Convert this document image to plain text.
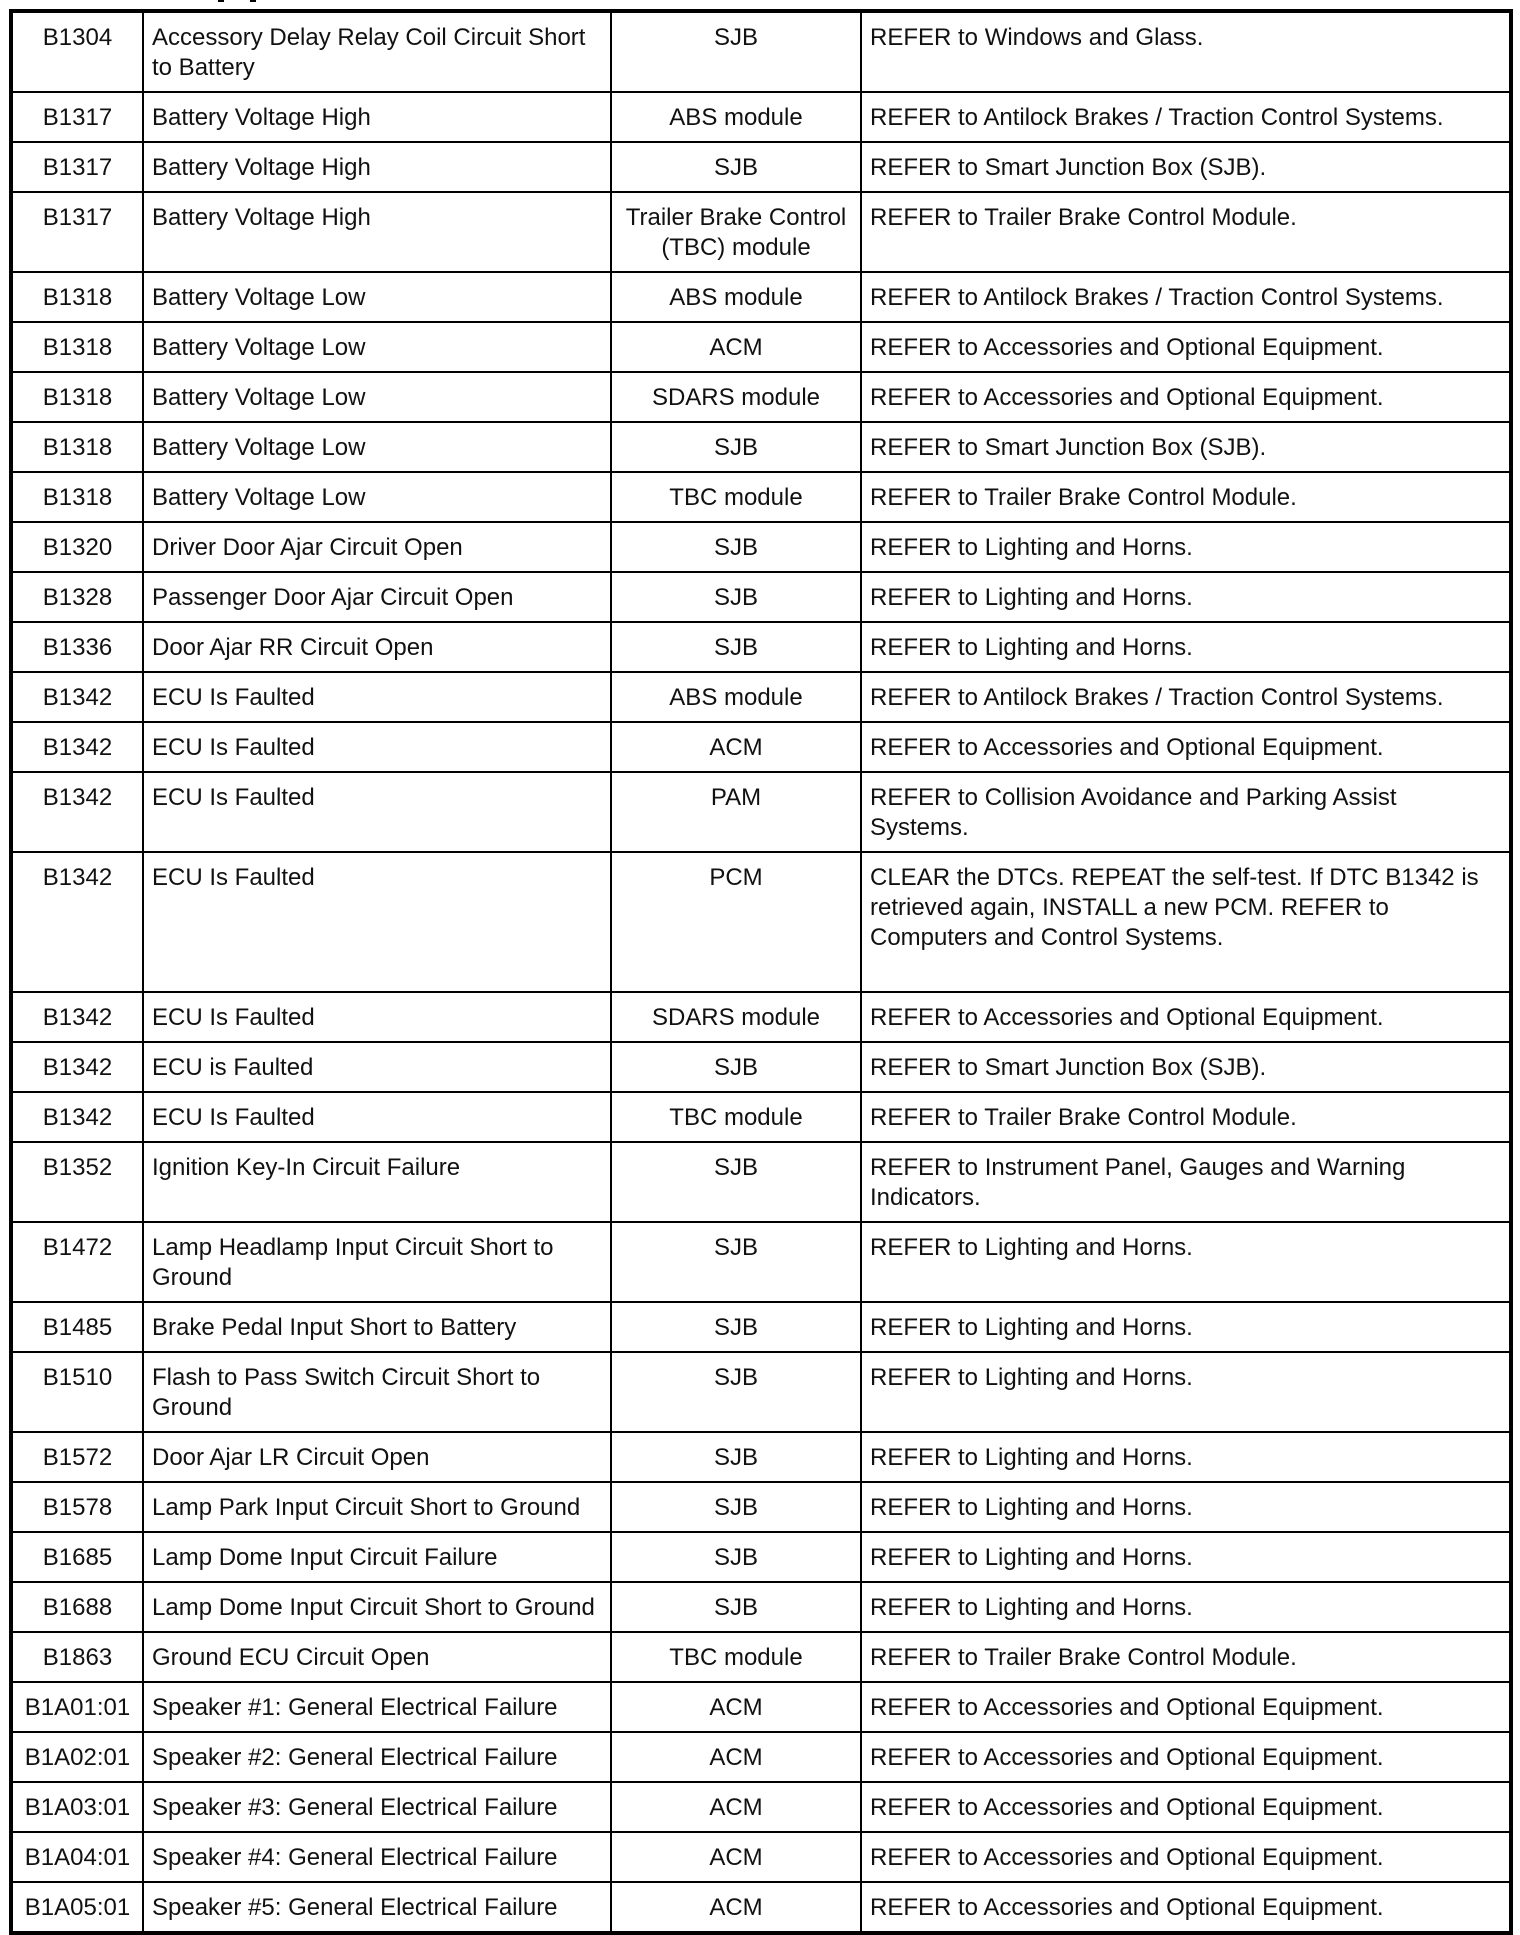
B1304	Accessory Delay Relay Coil Circuit Short to Battery	SJB	REFER to Windows and Glass.
B1317	Battery Voltage High	ABS module	REFER to Antilock Brakes / Traction Control Systems.
B1317	Battery Voltage High	SJB	REFER to Smart Junction Box (SJB).
B1317	Battery Voltage High	Trailer Brake Control (TBC) module	REFER to Trailer Brake Control Module.
B1318	Battery Voltage Low	ABS module	REFER to Antilock Brakes / Traction Control Systems.
B1318	Battery Voltage Low	ACM	REFER to Accessories and Optional Equipment.
B1318	Battery Voltage Low	SDARS module	REFER to Accessories and Optional Equipment.
B1318	Battery Voltage Low	SJB	REFER to Smart Junction Box (SJB).
B1318	Battery Voltage Low	TBC module	REFER to Trailer Brake Control Module.
B1320	Driver Door Ajar Circuit Open	SJB	REFER to Lighting and Horns.
B1328	Passenger Door Ajar Circuit Open	SJB	REFER to Lighting and Horns.
B1336	Door Ajar RR Circuit Open	SJB	REFER to Lighting and Horns.
B1342	ECU Is Faulted	ABS module	REFER to Antilock Brakes / Traction Control Systems.
B1342	ECU Is Faulted	ACM	REFER to Accessories and Optional Equipment.
B1342	ECU Is Faulted	PAM	REFER to Collision Avoidance and Parking Assist Systems.
B1342	ECU Is Faulted	PCM	CLEAR the DTCs. REPEAT the self-test. If DTC B1342 is retrieved again, INSTALL a new PCM. REFER to Computers and Control Systems.
B1342	ECU Is Faulted	SDARS module	REFER to Accessories and Optional Equipment.
B1342	ECU is Faulted	SJB	REFER to Smart Junction Box (SJB).
B1342	ECU Is Faulted	TBC module	REFER to Trailer Brake Control Module.
B1352	Ignition Key-In Circuit Failure	SJB	REFER to Instrument Panel, Gauges and Warning Indicators.
B1472	Lamp Headlamp Input Circuit Short to Ground	SJB	REFER to Lighting and Horns.
B1485	Brake Pedal Input Short to Battery	SJB	REFER to Lighting and Horns.
B1510	Flash to Pass Switch Circuit Short to Ground	SJB	REFER to Lighting and Horns.
B1572	Door Ajar LR Circuit Open	SJB	REFER to Lighting and Horns.
B1578	Lamp Park Input Circuit Short to Ground	SJB	REFER to Lighting and Horns.
B1685	Lamp Dome Input Circuit Failure	SJB	REFER to Lighting and Horns.
B1688	Lamp Dome Input Circuit Short to Ground	SJB	REFER to Lighting and Horns.
B1863	Ground ECU Circuit Open	TBC module	REFER to Trailer Brake Control Module.
B1A01:01	Speaker #1: General Electrical Failure	ACM	REFER to Accessories and Optional Equipment.
B1A02:01	Speaker #2: General Electrical Failure	ACM	REFER to Accessories and Optional Equipment.
B1A03:01	Speaker #3: General Electrical Failure	ACM	REFER to Accessories and Optional Equipment.
B1A04:01	Speaker #4: General Electrical Failure	ACM	REFER to Accessories and Optional Equipment.
B1A05:01	Speaker #5: General Electrical Failure	ACM	REFER to Accessories and Optional Equipment.
